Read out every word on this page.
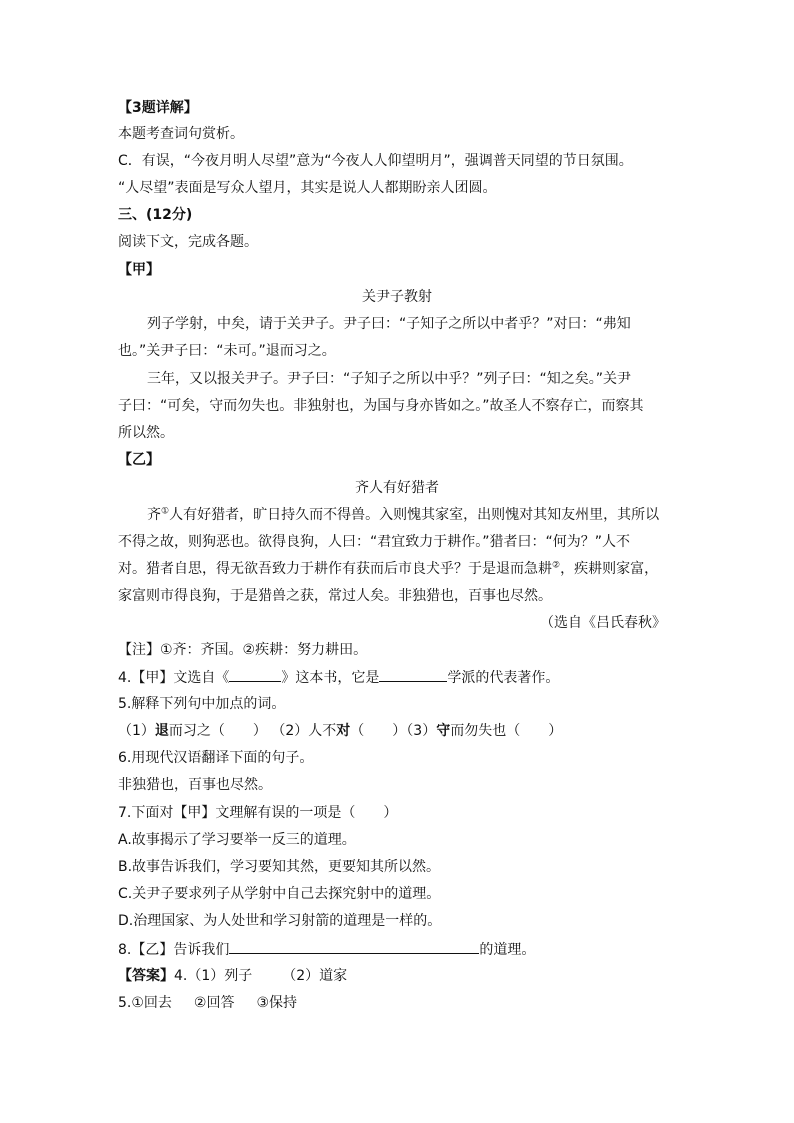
【3题详解】
本题考查词句赏析。
C．有误，“今夜月明人尽望”意为“今夜人人仰望明月”，强调普天同望的节日氛围。
“人尽望”表面是写众人望月，其实是说人人都期盼亲人团圆。
三、(12分)
阅读下文，完成各题。
【甲】
关尹子教射
列子学射，中矣，请于关尹子。尹子曰：“子知子之所以中者乎？”对曰：“弗知
也。”关尹子曰：“未可。”退而习之。
三年，又以报关尹子。尹子曰：“子知子之所以中乎？”列子曰：“知之矣。”关尹
子曰：“可矣，守而勿失也。非独射也，为国与身亦皆如之。”故圣人不察存亡，而察其
所以然。
【乙】
齐人有好猎者
齐①人有好猎者，旷日持久而不得兽。入则愧其家室，出则愧对其知友州里，其所以
不得之故，则狗恶也。欲得良狗，人曰：“君宜致力于耕作。”猎者曰：“何为？”人不
对。猎者自思，得无欲吾致力于耕作有获而后市良犬乎？于是退而急耕②，疾耕则家富，
家富则市得良狗，于是猎兽之获，常过人矣。非独猎也，百事也尽然。
（选自《吕氏春秋》
【注】①齐：齐国。②疾耕：努力耕田。
4.【甲】文选自《	》这本书，它是	学派的代表著作。
5.解释下列句中加点的词。
（1）退而习之（　　） （2）人不对（　　）（3）守而勿失也（　　）
6.用现代汉语翻译下面的句子。
非独猎也，百事也尽然。
7.下面对【甲】文理解有误的一项是（　　）
A.故事揭示了学习要举一反三的道理。
B.故事告诉我们，学习要知其然，更要知其所以然。
C.关尹子要求列子从学射中自己去探究射中的道理。
D.治理国家、为人处世和学习射箭的道理是一样的。
8.【乙】告诉我们	的道理。
【答案】4.（1）列子 （2）道家
5.①回去 ②回答 ③保持
